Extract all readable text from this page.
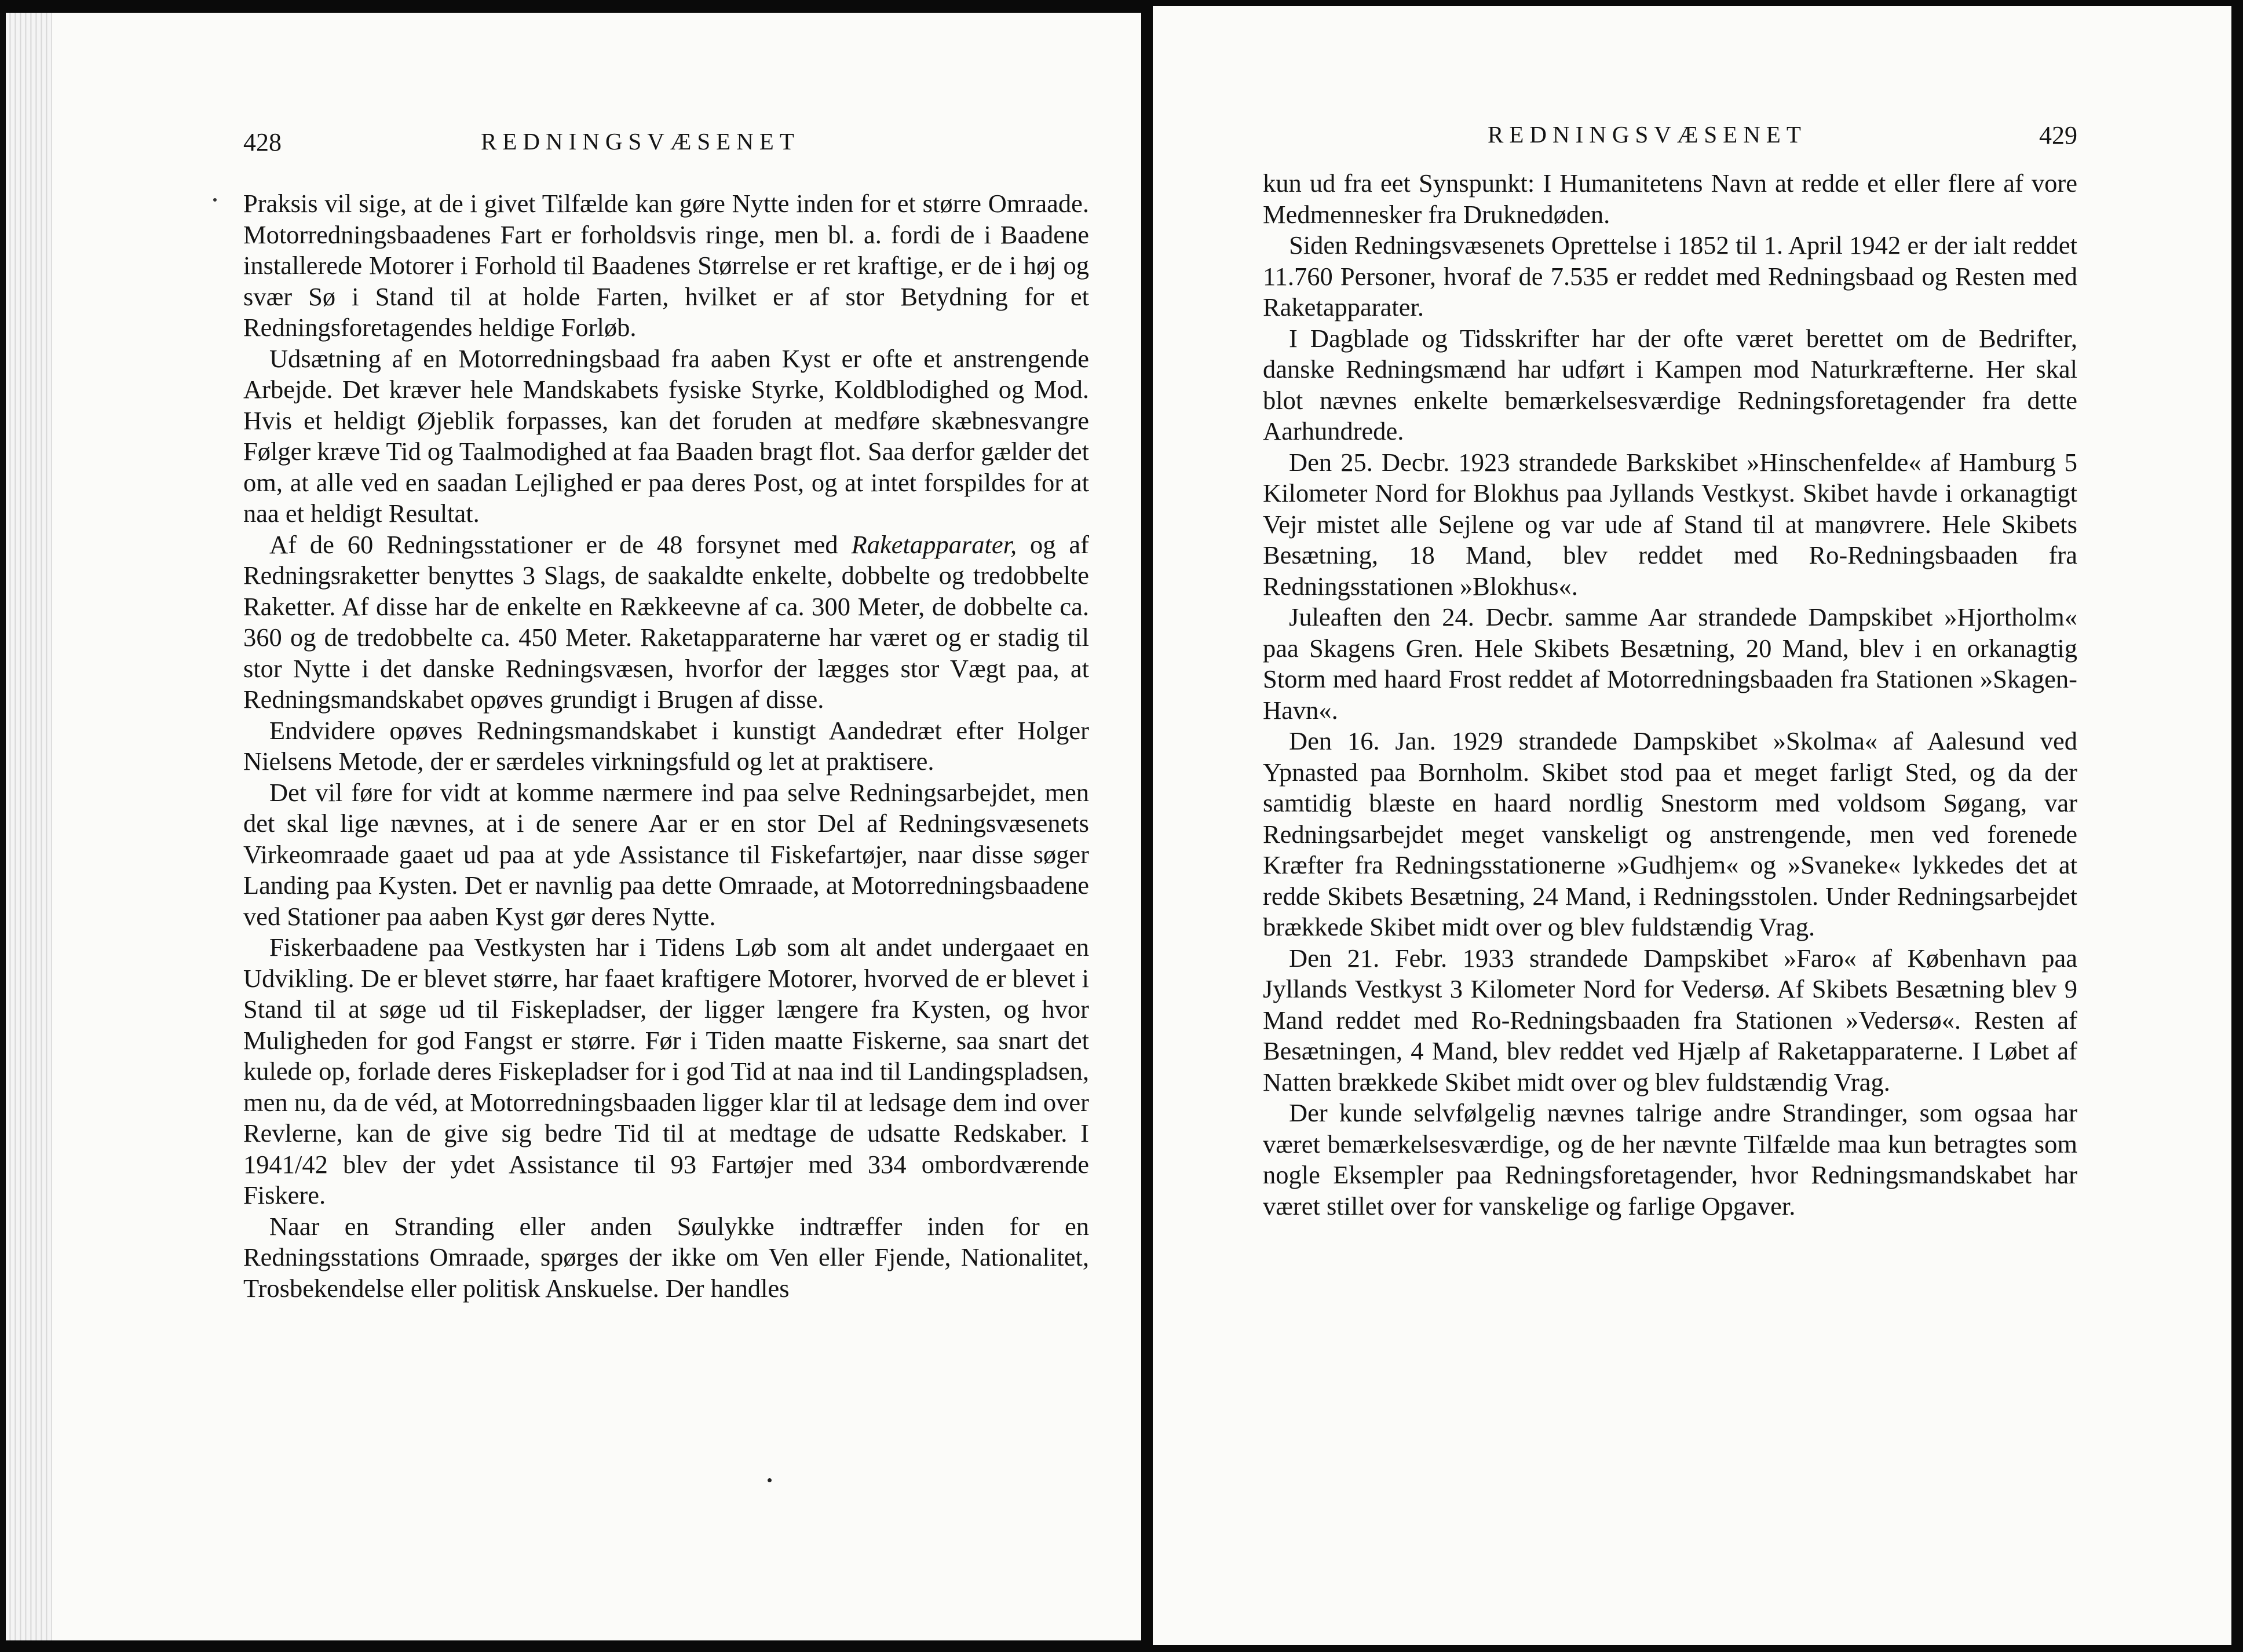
428	REDNINGSVÆSENET

Praksis vil sige, at de i givet Tilfælde kan gøre Nytte inden for et større Omraade. Motorredningsbaadenes Fart er forholdsvis ringe, men bl. a. fordi de i Baadene installerede Motorer i Forhold til Baadenes Størrelse er ret kraftige, er de i høj og svær Sø i Stand til at holde Farten, hvilket er af stor Betydning for et Redningsforetagendes heldige Forløb.

Udsætning af en Motorredningsbaad fra aaben Kyst er ofte et anstrengende Arbejde. Det kræver hele Mandskabets fysiske Styrke, Koldblodighed og Mod. Hvis et heldigt Øjeblik forpasses, kan det foruden at medføre skæbnesvangre Følger kræve Tid og Taalmodighed at faa Baaden bragt flot. Saa derfor gælder det om, at alle ved en saadan Lejlighed er paa deres Post, og at intet forspildes for at naa et heldigt Resultat.

Af de 60 Redningsstationer er de 48 forsynet med Raketapparater, og af Redningsraketter benyttes 3 Slags, de saakaldte enkelte, dobbelte og tredobbelte Raketter. Af disse har de enkelte en Rækkeevne af ca. 300 Meter, de dobbelte ca. 360 og de tredobbelte ca. 450 Meter. Raketapparaterne har været og er stadig til stor Nytte i det danske Redningsvæsen, hvorfor der lægges stor Vægt paa, at Redningsmandskabet opøves grundigt i Brugen af disse.

Endvidere opøves Redningsmandskabet i kunstigt Aandedræt efter Holger Nielsens Metode, der er særdeles virkningsfuld og let at praktisere.

Det vil føre for vidt at komme nærmere ind paa selve Redningsarbejdet, men det skal lige nævnes, at i de senere Aar er en stor Del af Redningsvæsenets Virkeomraade gaaet ud paa at yde Assistance til Fiskefartøjer, naar disse søger Landing paa Kysten. Det er navnlig paa dette Omraade, at Motorredningsbaadene ved Stationer paa aaben Kyst gør deres Nytte.

Fiskerbaadene paa Vestkysten har i Tidens Løb som alt andet undergaaet en Udvikling. De er blevet større, har faaet kraftigere Motorer, hvorved de er blevet i Stand til at søge ud til Fiskepladser, der ligger længere fra Kysten, og hvor Muligheden for god Fangst er større. Før i Tiden maatte Fiskerne, saa snart det kulede op, forlade deres Fiskepladser for i god Tid at naa ind til Landingspladsen, men nu, da de véd, at Motorredningsbaaden ligger klar til at ledsage dem ind over Revlerne, kan de give sig bedre Tid til at medtage de udsatte Redskaber. I 1941/42 blev der ydet Assistance til 93 Fartøjer med 334 ombordværende Fiskere.

Naar en Stranding eller anden Søulykke indtræffer inden for en Redningsstations Omraade, spørges der ikke om Ven eller Fjende, Nationalitet, Trosbekendelse eller politisk Anskuelse. Der handles

REDNINGSVÆSENET	429

kun ud fra eet Synspunkt: I Humanitetens Navn at redde et eller flere af vore Medmennesker fra Druknedøden.

Siden Redningsvæsenets Oprettelse i 1852 til 1. April 1942 er der ialt reddet 11.760 Personer, hvoraf de 7.535 er reddet med Redningsbaad og Resten med Raketapparater.

I Dagblade og Tidsskrifter har der ofte været berettet om de Bedrifter, danske Redningsmænd har udført i Kampen mod Naturkræfterne. Her skal blot nævnes enkelte bemærkelsesværdige Redningsforetagender fra dette Aarhundrede.

Den 25. Decbr. 1923 strandede Barkskibet »Hinschenfelde« af Hamburg 5 Kilometer Nord for Blokhus paa Jyllands Vestkyst. Skibet havde i orkanagtigt Vejr mistet alle Sejlene og var ude af Stand til at manøvrere. Hele Skibets Besætning, 18 Mand, blev reddet med Ro-Redningsbaaden fra Redningsstationen »Blokhus«.

Juleaften den 24. Decbr. samme Aar strandede Dampskibet »Hjortholm« paa Skagens Gren. Hele Skibets Besætning, 20 Mand, blev i en orkanagtig Storm med haard Frost reddet af Motorredningsbaaden fra Stationen »Skagen-Havn«.

Den 16. Jan. 1929 strandede Dampskibet »Skolma« af Aalesund ved Ypnasted paa Bornholm. Skibet stod paa et meget farligt Sted, og da der samtidig blæste en haard nordlig Snestorm med voldsom Søgang, var Redningsarbejdet meget vanskeligt og anstrengende, men ved forenede Kræfter fra Redningsstationerne »Gudhjem« og »Svaneke« lykkedes det at redde Skibets Besætning, 24 Mand, i Redningsstolen. Under Redningsarbejdet brækkede Skibet midt over og blev fuldstændig Vrag.

Den 21. Febr. 1933 strandede Dampskibet »Faro« af København paa Jyllands Vestkyst 3 Kilometer Nord for Vedersø. Af Skibets Besætning blev 9 Mand reddet med Ro-Redningsbaaden fra Stationen »Vedersø«. Resten af Besætningen, 4 Mand, blev reddet ved Hjælp af Raketapparaterne. I Løbet af Natten brækkede Skibet midt over og blev fuldstændig Vrag.

Der kunde selvfølgelig nævnes talrige andre Strandinger, som ogsaa har været bemærkelsesværdige, og de her nævnte Tilfælde maa kun betragtes som nogle Eksempler paa Redningsforetagender, hvor Redningsmandskabet har været stillet over for vanskelige og farlige Opgaver.
